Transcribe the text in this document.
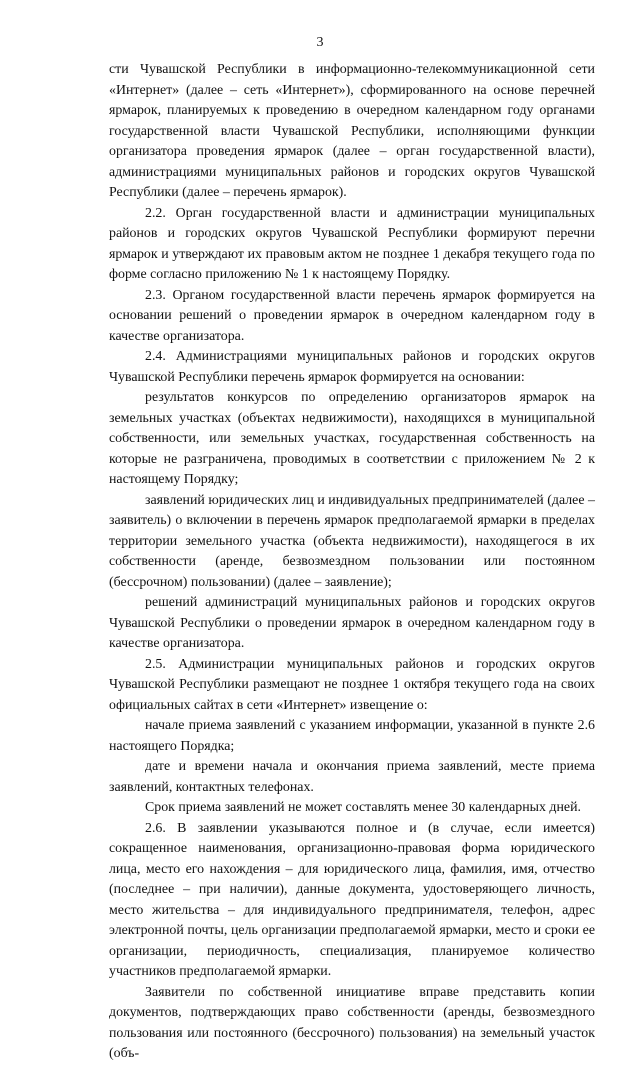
3

сти Чувашской Республики в информационно-телекоммуникационной сети «Интернет» (далее – сеть «Интернет»), сформированного на основе перечней ярмарок, планируемых к проведению в очередном календарном году органами государственной власти Чувашской Республики, исполняющими функции организатора проведения ярмарок (далее – орган государственной власти), администрациями муниципальных районов и городских округов Чувашской Республики (далее – перечень ярмарок).

2.2. Орган государственной власти и администрации муниципальных районов и городских округов Чувашской Республики формируют перечни ярмарок и утверждают их правовым актом не позднее 1 декабря текущего года по форме согласно приложению № 1 к настоящему Порядку.

2.3. Органом государственной власти перечень ярмарок формируется на основании решений о проведении ярмарок в очередном календарном году в качестве организатора.

2.4. Администрациями муниципальных районов и городских округов Чувашской Республики перечень ярмарок формируется на основании:

результатов конкурсов по определению организаторов ярмарок на земельных участках (объектах недвижимости), находящихся в муниципальной собственности, или земельных участках, государственная собственность на которые не разграничена, проводимых в соответствии с приложением № 2 к настоящему Порядку;

заявлений юридических лиц и индивидуальных предпринимателей (далее – заявитель) о включении в перечень ярмарок предполагаемой ярмарки в пределах территории земельного участка (объекта недвижимости), находящегося в их собственности (аренде, безвозмездном пользовании или постоянном (бессрочном) пользовании) (далее – заявление);

решений администраций муниципальных районов и городских округов Чувашской Республики о проведении ярмарок в очередном календарном году в качестве организатора.

2.5. Администрации муниципальных районов и городских округов Чувашской Республики размещают не позднее 1 октября текущего года на своих официальных сайтах в сети «Интернет» извещение о:

начале приема заявлений с указанием информации, указанной в пункте 2.6 настоящего Порядка;

дате и времени начала и окончания приема заявлений, месте приема заявлений, контактных телефонах.

Срок приема заявлений не может составлять менее 30 календарных дней.

2.6. В заявлении указываются полное и (в случае, если имеется) сокращенное наименования, организационно-правовая форма юридического лица, место его нахождения – для юридического лица, фамилия, имя, отчество (последнее – при наличии), данные документа, удостоверяющего личность, место жительства – для индивидуального предпринимателя, телефон, адрес электронной почты, цель организации предполагаемой ярмарки, место и сроки ее организации, периодичность, специализация, планируемое количество участников предполагаемой ярмарки.

Заявители по собственной инициативе вправе представить копии документов, подтверждающих право собственности (аренды, безвозмездного пользования или постоянного (бессрочного) пользования) на земельный участок (объ-
